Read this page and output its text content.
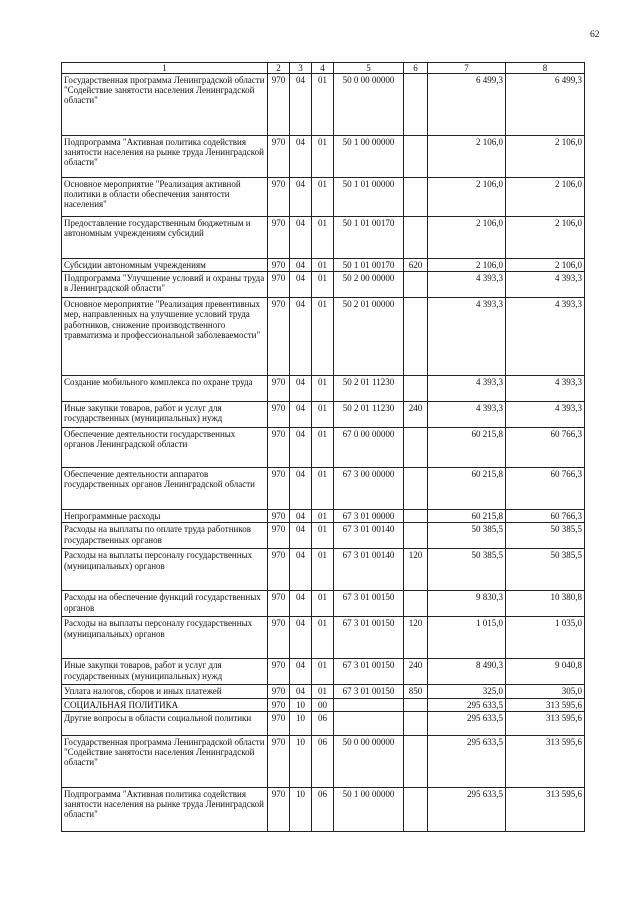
62
1	2	3	4	5	6	7	8
Государственная программа Ленинградской области "Содействие занятости населения Ленинградской области"	970	04	01	50 0 00 00000		6 499,3	6 499,3
Подпрограмма "Активная политика содействия занятости населения на рынке труда Ленинградской области"	970	04	01	50 1 00 00000		2 106,0	2 106,0
Основное мероприятие "Реализация активной политики в области обеспечения занятости населения"	970	04	01	50 1 01 00000		2 106,0	2 106,0
Предоставление государственным бюджетным и автономным учреждениям субсидий	970	04	01	50 1 01 00170		2 106,0	2 106,0
Субсидии автономным учреждениям	970	04	01	50 1 01 00170	620	2 106,0	2 106,0
Подпрограмма "Улучшение условий и охраны труда в Ленинградской области"	970	04	01	50 2 00 00000		4 393,3	4 393,3
Основное мероприятие "Реализация превентивных мер, направленных на улучшение условий труда работников, снижение производственного травматизма и профессиональной заболеваемости"	970	04	01	50 2 01 00000		4 393,3	4 393,3
Создание мобильного комплекса по охране труда	970	04	01	50 2 01 11230		4 393,3	4 393,3
Иные закупки товаров, работ и услуг для государственных (муниципальных) нужд	970	04	01	50 2 01 11230	240	4 393,3	4 393,3
Обеспечение деятельности государственных органов Ленинградской области	970	04	01	67 0 00 00000		60 215,8	60 766,3
Обеспечение деятельности аппаратов государственных органов Ленинградской области	970	04	01	67 3 00 00000		60 215,8	60 766,3
Непрограммные расходы	970	04	01	67 3 01 00000		60 215,8	60 766,3
Расходы на выплаты по оплате труда работников государственных органов	970	04	01	67 3 01 00140		50 385,5	50 385,5
Расходы на выплаты персоналу государственных (муниципальных) органов	970	04	01	67 3 01 00140	120	50 385,5	50 385,5
Расходы на обеспечение функций государственных органов	970	04	01	67 3 01 00150		9 830,3	10 380,8
Расходы на выплаты персоналу государственных (муниципальных) органов	970	04	01	67 3 01 00150	120	1 015,0	1 035,0
Иные закупки товаров, работ и услуг для государственных (муниципальных) нужд	970	04	01	67 3 01 00150	240	8 490,3	9 040,8
Уплата налогов, сборов и иных платежей	970	04	01	67 3 01 00150	850	325,0	305,0
СОЦИАЛЬНАЯ ПОЛИТИКА	970	10	00			295 633,5	313 595,6
Другие вопросы в области социальной политики	970	10	06			295 633,5	313 595,6
Государственная программа Ленинградской области "Содействие занятости населения Ленинградской области"	970	10	06	50 0 00 00000		295 633,5	313 595,6
Подпрограмма "Активная политика содействия занятости населения на рынке труда Ленинградской области"	970	10	06	50 1 00 00000		295 633,5	313 595,6
